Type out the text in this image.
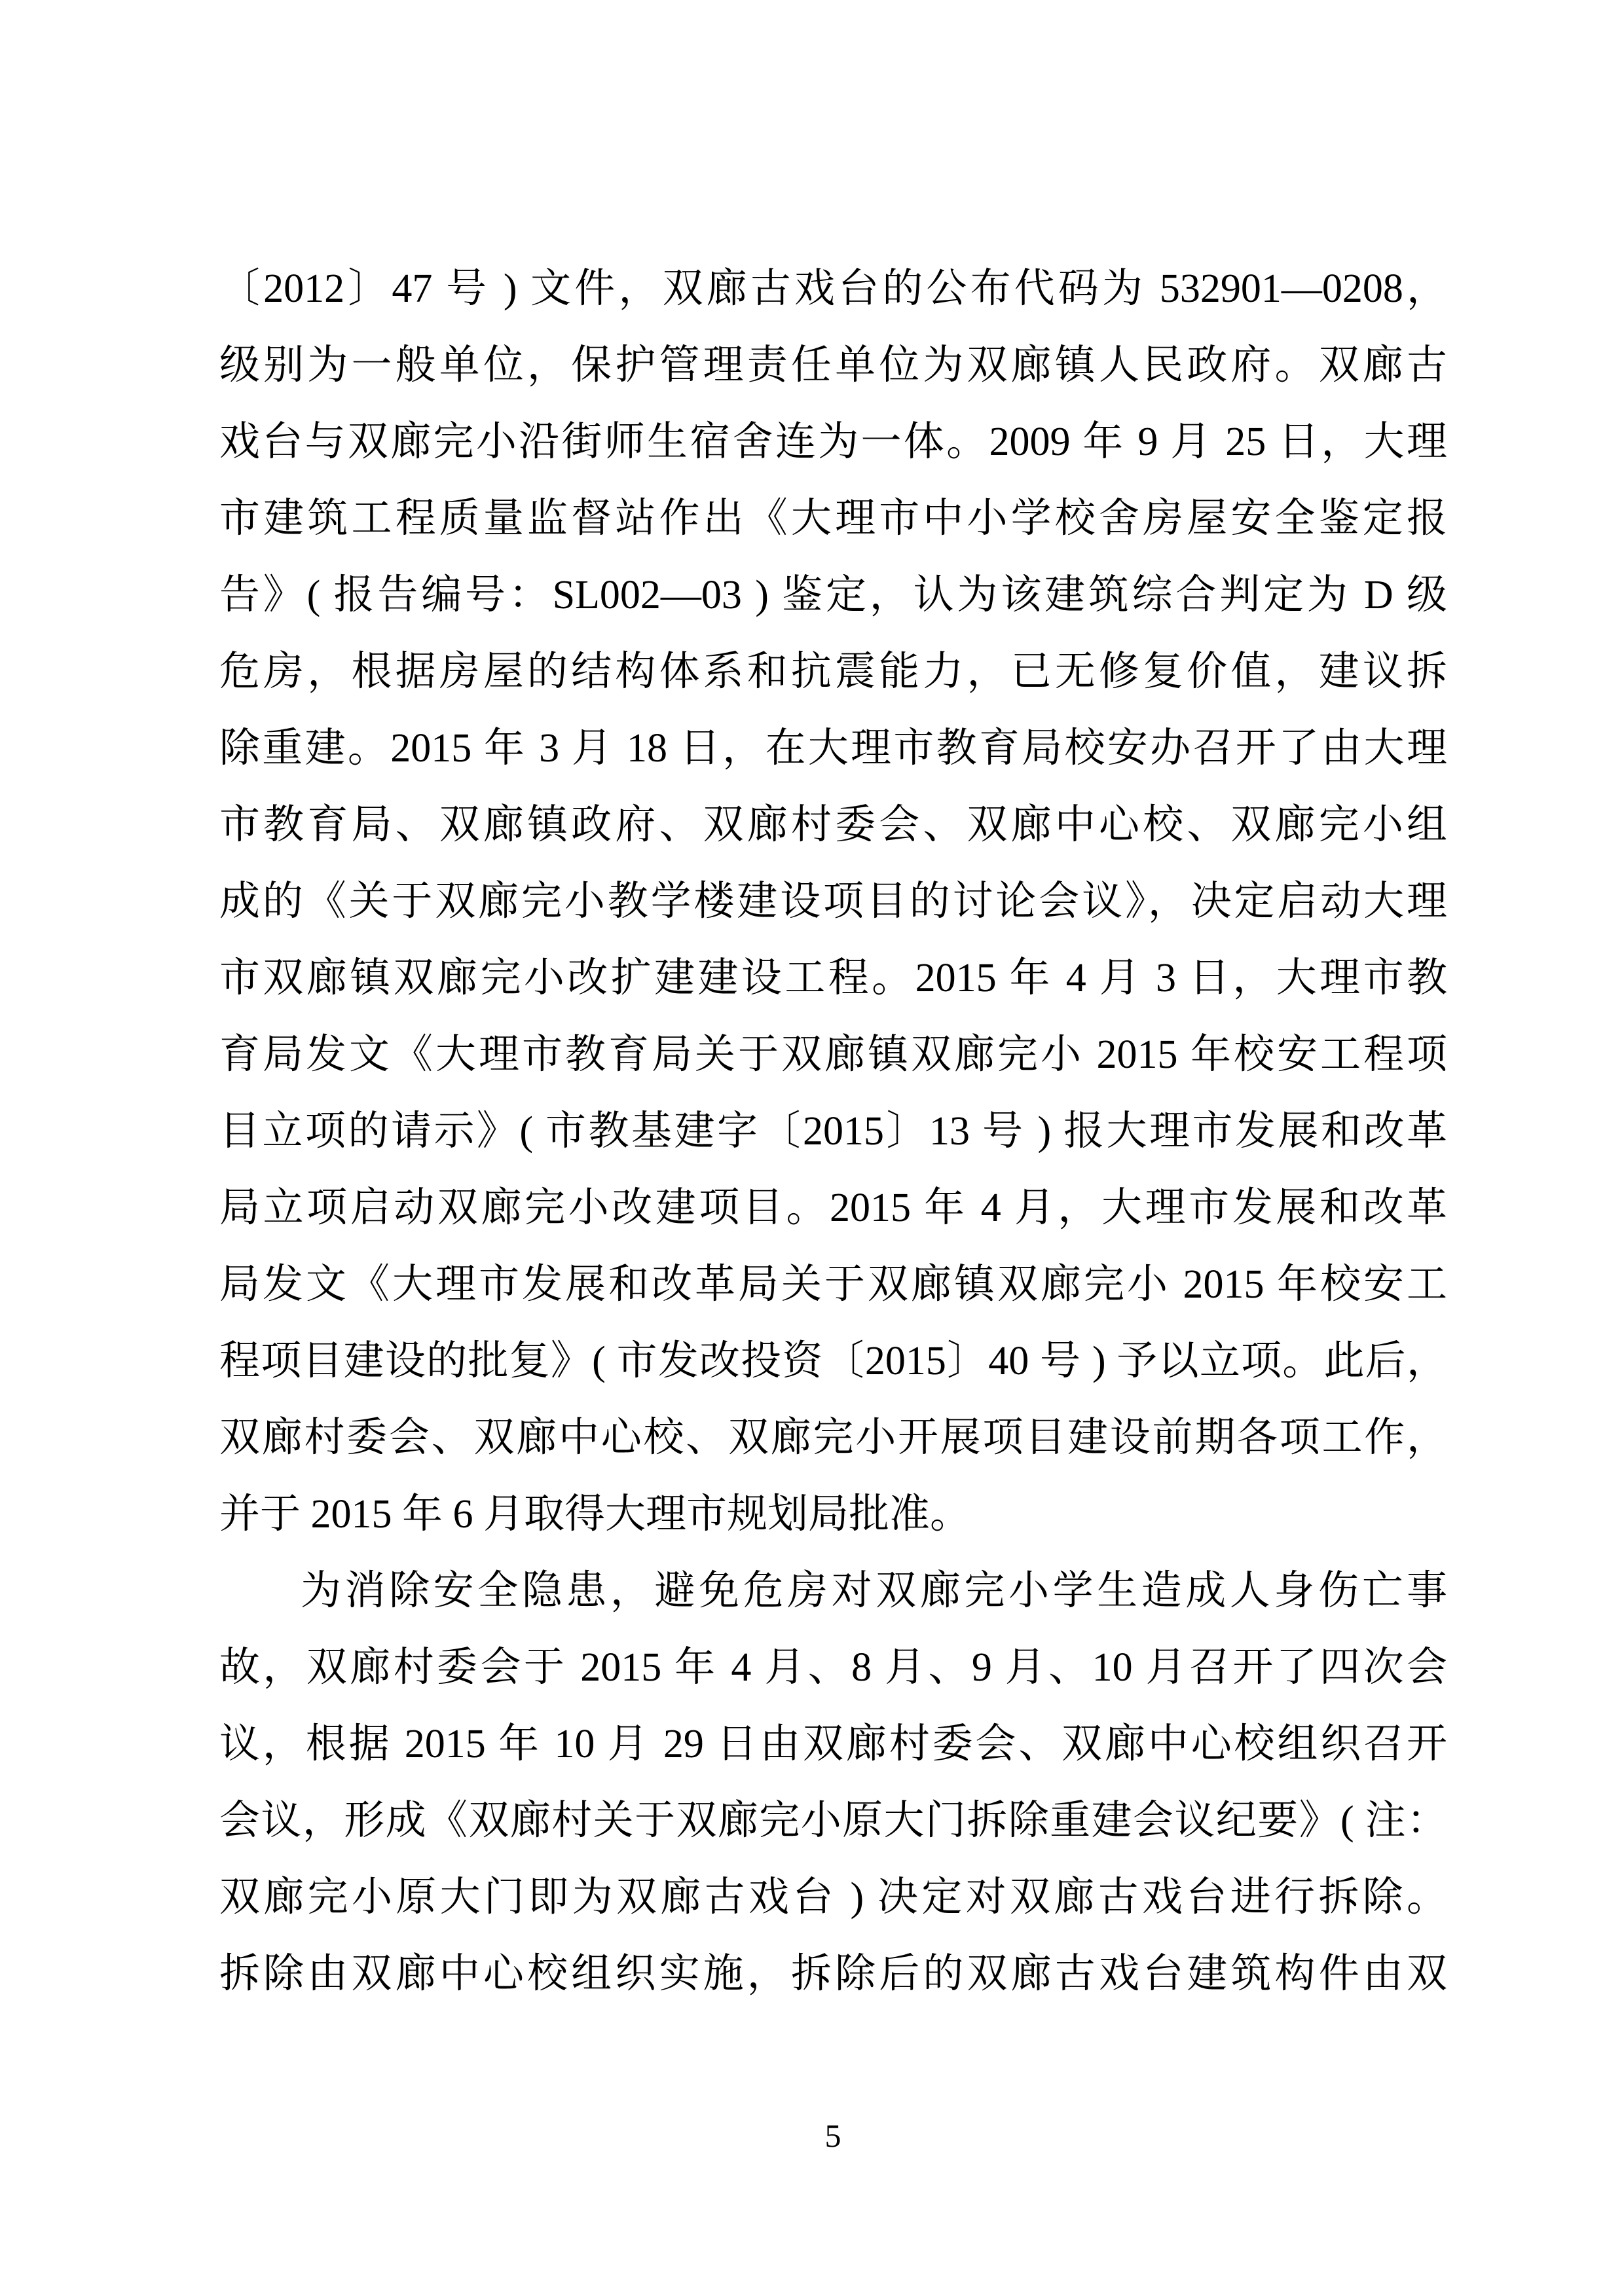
〔2012〕47 号 ) 文件，双廊古戏台的公布代码为 532901—0208，
级别为一般单位，保护管理责任单位为双廊镇人民政府。双廊古
戏台与双廊完小沿街师生宿舍连为一体。2009 年 9 月 25 日，大理
市建筑工程质量监督站作出《大理市中小学校舍房屋安全鉴定报
告》( 报告编号：SL002—03 ) 鉴定，认为该建筑综合判定为 D 级
危房，根据房屋的结构体系和抗震能力，已无修复价值，建议拆
除重建。2015 年 3 月 18 日，在大理市教育局校安办召开了由大理
市教育局、双廊镇政府、双廊村委会、双廊中心校、双廊完小组
成的《关于双廊完小教学楼建设项目的讨论会议》，决定启动大理
市双廊镇双廊完小改扩建建设工程。2015 年 4 月 3 日，大理市教
育局发文《大理市教育局关于双廊镇双廊完小 2015 年校安工程项
目立项的请示》( 市教基建字〔2015〕13 号 ) 报大理市发展和改革
局立项启动双廊完小改建项目。2015 年 4 月，大理市发展和改革
局发文《大理市发展和改革局关于双廊镇双廊完小 2015 年校安工
程项目建设的批复》( 市发改投资〔2015〕40 号 ) 予以立项。此后，
双廊村委会、双廊中心校、双廊完小开展项目建设前期各项工作，
并于 2015 年 6 月取得大理市规划局批准。
为消除安全隐患，避免危房对双廊完小学生造成人身伤亡事
故，双廊村委会于 2015 年 4 月、8 月、9 月、10 月召开了四次会
议，根据 2015 年 10 月 29 日由双廊村委会、双廊中心校组织召开
会议，形成《双廊村关于双廊完小原大门拆除重建会议纪要》( 注：
双廊完小原大门即为双廊古戏台 ) 决定对双廊古戏台进行拆除。
拆除由双廊中心校组织实施，拆除后的双廊古戏台建筑构件由双
5
